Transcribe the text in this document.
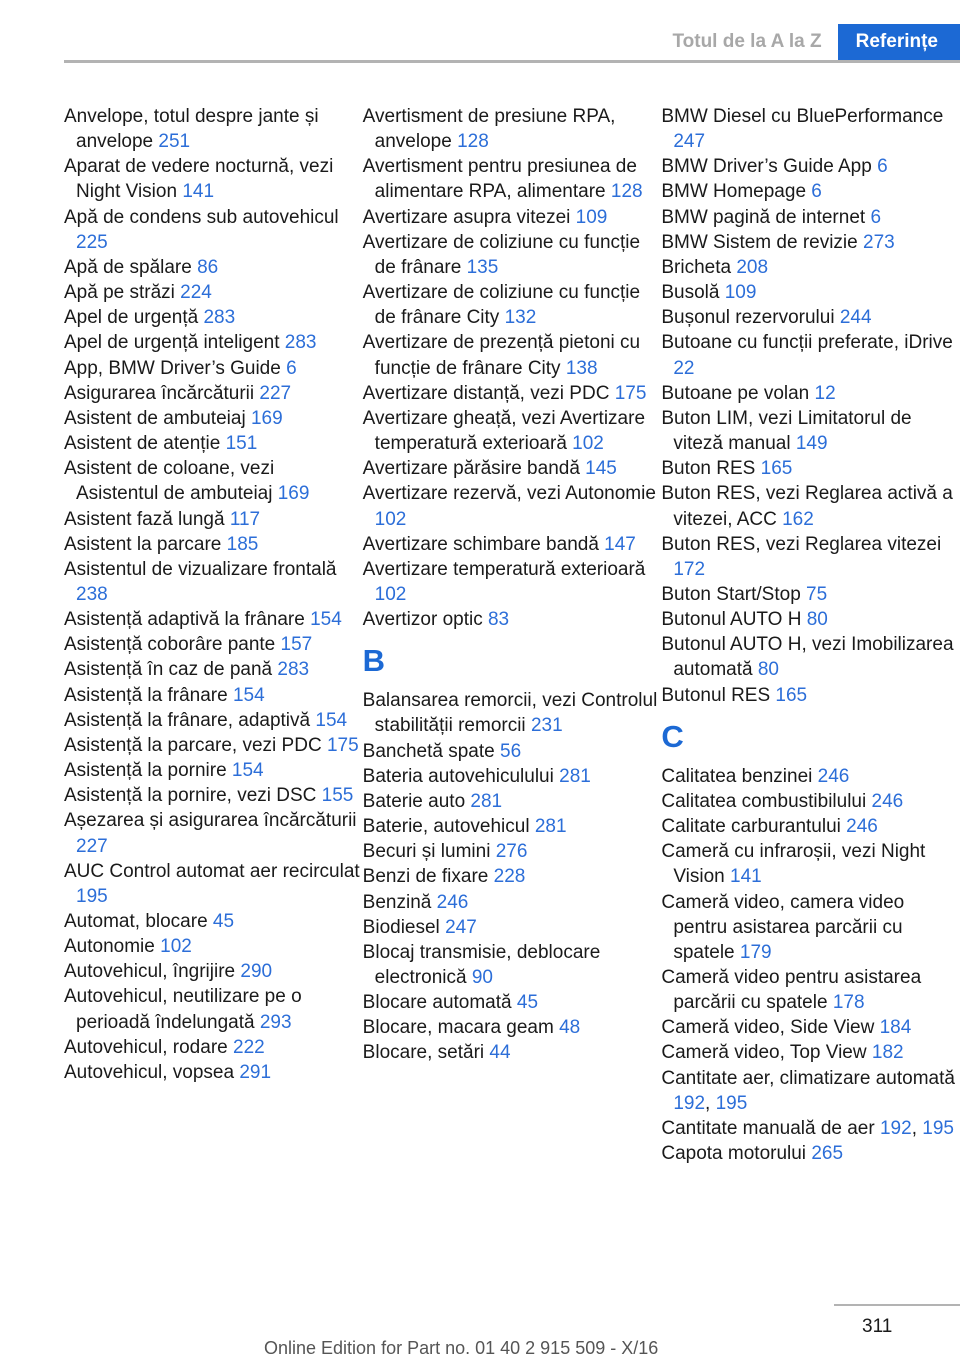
Totul de la A la Z	Referințe
Anvelope, totul despre jante și anvelope 251
Aparat de vedere nocturnă, vezi Night Vision 141
Apă de condens sub autovehicul 225
Apă de spălare 86
Apă pe străzi 224
Apel de urgență 283
Apel de urgență inteligent 283
App, BMW Driver’s Guide 6
Asigurarea încărcăturii 227
Asistent de ambuteiaj 169
Asistent de atenție 151
Asistent de coloane, vezi Asistentul de ambuteiaj 169
Asistent fază lungă 117
Asistent la parcare 185
Asistentul de vizualizare frontală 238
Asistență adaptivă la frânare 154
Asistență coborâre pante 157
Asistență în caz de pană 283
Asistență la frânare 154
Asistență la frânare, adaptivă 154
Asistență la parcare, vezi PDC 175
Asistență la pornire 154
Asistență la pornire, vezi DSC 155
Așezarea și asigurarea încărcăturii 227
AUC Control automat aer recirculat 195
Automat, blocare 45
Autonomie 102
Autovehicul, îngrijire 290
Autovehicul, neutilizare pe o perioadă îndelungată 293
Autovehicul, rodare 222
Autovehicul, vopsea 291
Avertisment de presiune RPA, anvelope 128
Avertisment pentru presiunea de alimentare RPA, alimentare 128
Avertizare asupra vitezei 109
Avertizare de coliziune cu funcție de frânare 135
Avertizare de coliziune cu funcție de frânare City 132
Avertizare de prezență pietoni cu funcție de frânare City 138
Avertizare distanță, vezi PDC 175
Avertizare gheață, vezi Avertizare temperatură exterioară 102
Avertizare părăsire bandă 145
Avertizare rezervă, vezi Autonomie 102
Avertizare schimbare bandă 147
Avertizare temperatură exterioară 102
Avertizor optic 83
B
Balansarea remorcii, vezi Controlul stabilității remorcii 231
Banchetă spate 56
Bateria autovehiculului 281
Baterie auto 281
Baterie, autovehicul 281
Becuri și lumini 276
Benzi de fixare 228
Benzină 246
Biodiesel 247
Blocaj transmisie, deblocare electronică 90
Blocare automată 45
Blocare, macara geam 48
Blocare, setări 44
BMW Diesel cu BluePerformance 247
BMW Driver’s Guide App 6
BMW Homepage 6
BMW pagină de internet 6
BMW Sistem de revizie 273
Bricheta 208
Busolă 109
Bușonul rezervorului 244
Butoane cu funcții preferate, iDrive 22
Butoane pe volan 12
Buton LIM, vezi Limitatorul de viteză manual 149
Buton RES 165
Buton RES, vezi Reglarea activă a vitezei, ACC 162
Buton RES, vezi Reglarea vitezei 172
Buton Start/Stop 75
Butonul AUTO H 80
Butonul AUTO H, vezi Imobilizarea automată 80
Butonul RES 165
C
Calitatea benzinei 246
Calitatea combustibilului 246
Calitate carburantului 246
Cameră cu infraroșii, vezi Night Vision 141
Cameră video, camera video pentru asistarea parcării cu spatele 179
Cameră video pentru asistarea parcării cu spatele 178
Cameră video, Side View 184
Cameră video, Top View 182
Cantitate aer, climatizare automată 192, 195
Cantitate manuală de aer 192, 195
Capota motorului 265
311
Online Edition for Part no. 01 40 2 915 509 - X/16
